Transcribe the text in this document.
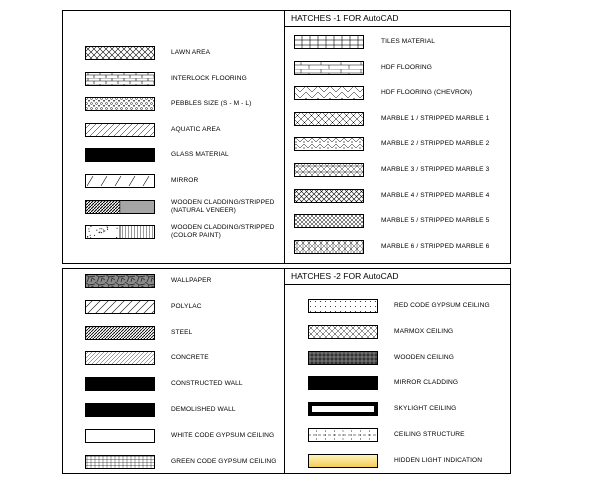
HATCHES -1 FOR AutoCAD
HATCHES -2 FOR AutoCAD
LAWN AREA
INTERLOCK FLOORING
PEBBLES SIZE (S - M - L)
AQUATIC AREA
GLASS MATERIAL
MIRROR
WOODEN CLADDING/STRIPPED
(NATURAL VENEER)
WOODEN CLADDING/STRIPPED
(COLOR PAINT)
TILES MATERIAL
HDF FLOORING
HDF FLOORING (CHEVRON)
MARBLE 1 / STRIPPED MARBLE 1
MARBLE 2 / STRIPPED MARBLE 2
MARBLE 3 / STRIPPED MARBLE 3
MARBLE 4 / STRIPPED MARBLE 4
MARBLE 5 / STRIPPED MARBLE 5
MARBLE 6 / STRIPPED MARBLE 6
WALLPAPER
POLYLAC
STEEL
CONCRETE
CONSTRUCTED WALL
DEMOLISHED WALL
WHITE CODE GYPSUM CEILING
GREEN CODE GYPSUM CEILING
RED CODE GYPSUM CEILING
MARMOX CEILING
WOODEN CEILING
MIRROR CLADDING
SKYLIGHT CEILING
CEILING STRUCTURE
HIDDEN LIGHT INDICATION
